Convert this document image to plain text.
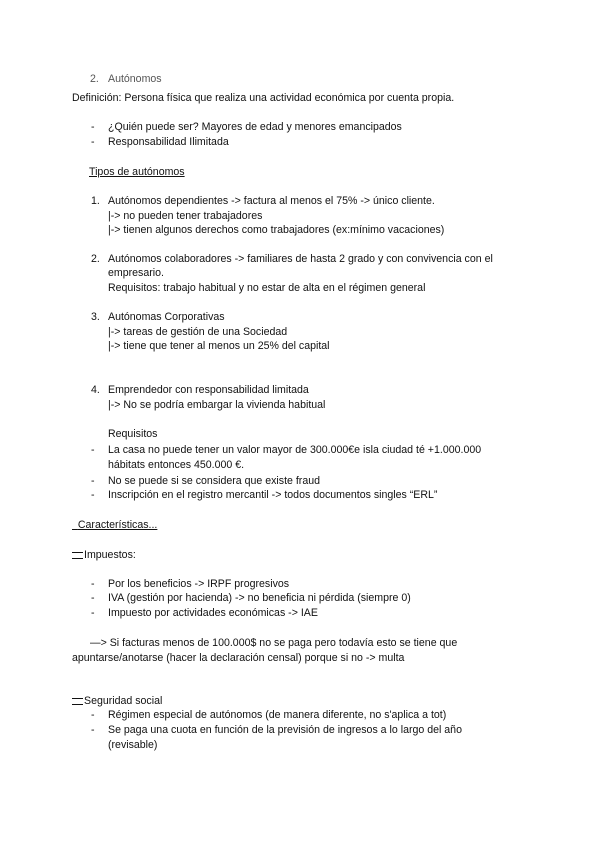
2. Autónomos
Definición: Persona física que realiza una actividad económica por cuenta propia.
- ¿Quién puede ser? Mayores de edad y menores emancipados
- Responsabilidad Ilimitada
Tipos de autónomos
1. Autónomos dependientes -> factura al menos el 75% -> único cliente.
|-> no pueden tener trabajadores
|-> tienen algunos derechos como trabajadores (ex:mínimo vacaciones)
2. Autónomos colaboradores -> familiares de hasta 2 grado y con convivencia con el
empresario.
Requisitos: trabajo habitual y no estar de alta en el régimen general
3. Autónomas Corporativas
|-> tareas de gestión de una Sociedad
|-> tiene que tener al menos un 25% del capital
4. Emprendedor con responsabilidad limitada
|-> No se podría embargar la vivienda habitual
Requisitos
- La casa no puede tener un valor mayor de 300.000€e isla ciudad té +1.000.000
hábitats entonces 450.000 €.
- No se puede si se considera que existe fraud
- Inscripción en el registro mercantil -> todos documentos singles “ERL”
Características...
Impuestos:
- Por los beneficios -> IRPF progresivos
- IVA (gestión por hacienda) -> no beneficia ni pérdida (siempre 0)
- Impuesto por actividades económicas -> IAE
—> Si facturas menos de 100.000$ no se paga pero todavía esto se tiene que
apuntarse/anotarse (hacer la declaración censal) porque si no -> multa
Seguridad social
- Régimen especial de autónomos (de manera diferente, no s'aplica a tot)
- Se paga una cuota en función de la previsión de ingresos a lo largo del año
(revisable)
